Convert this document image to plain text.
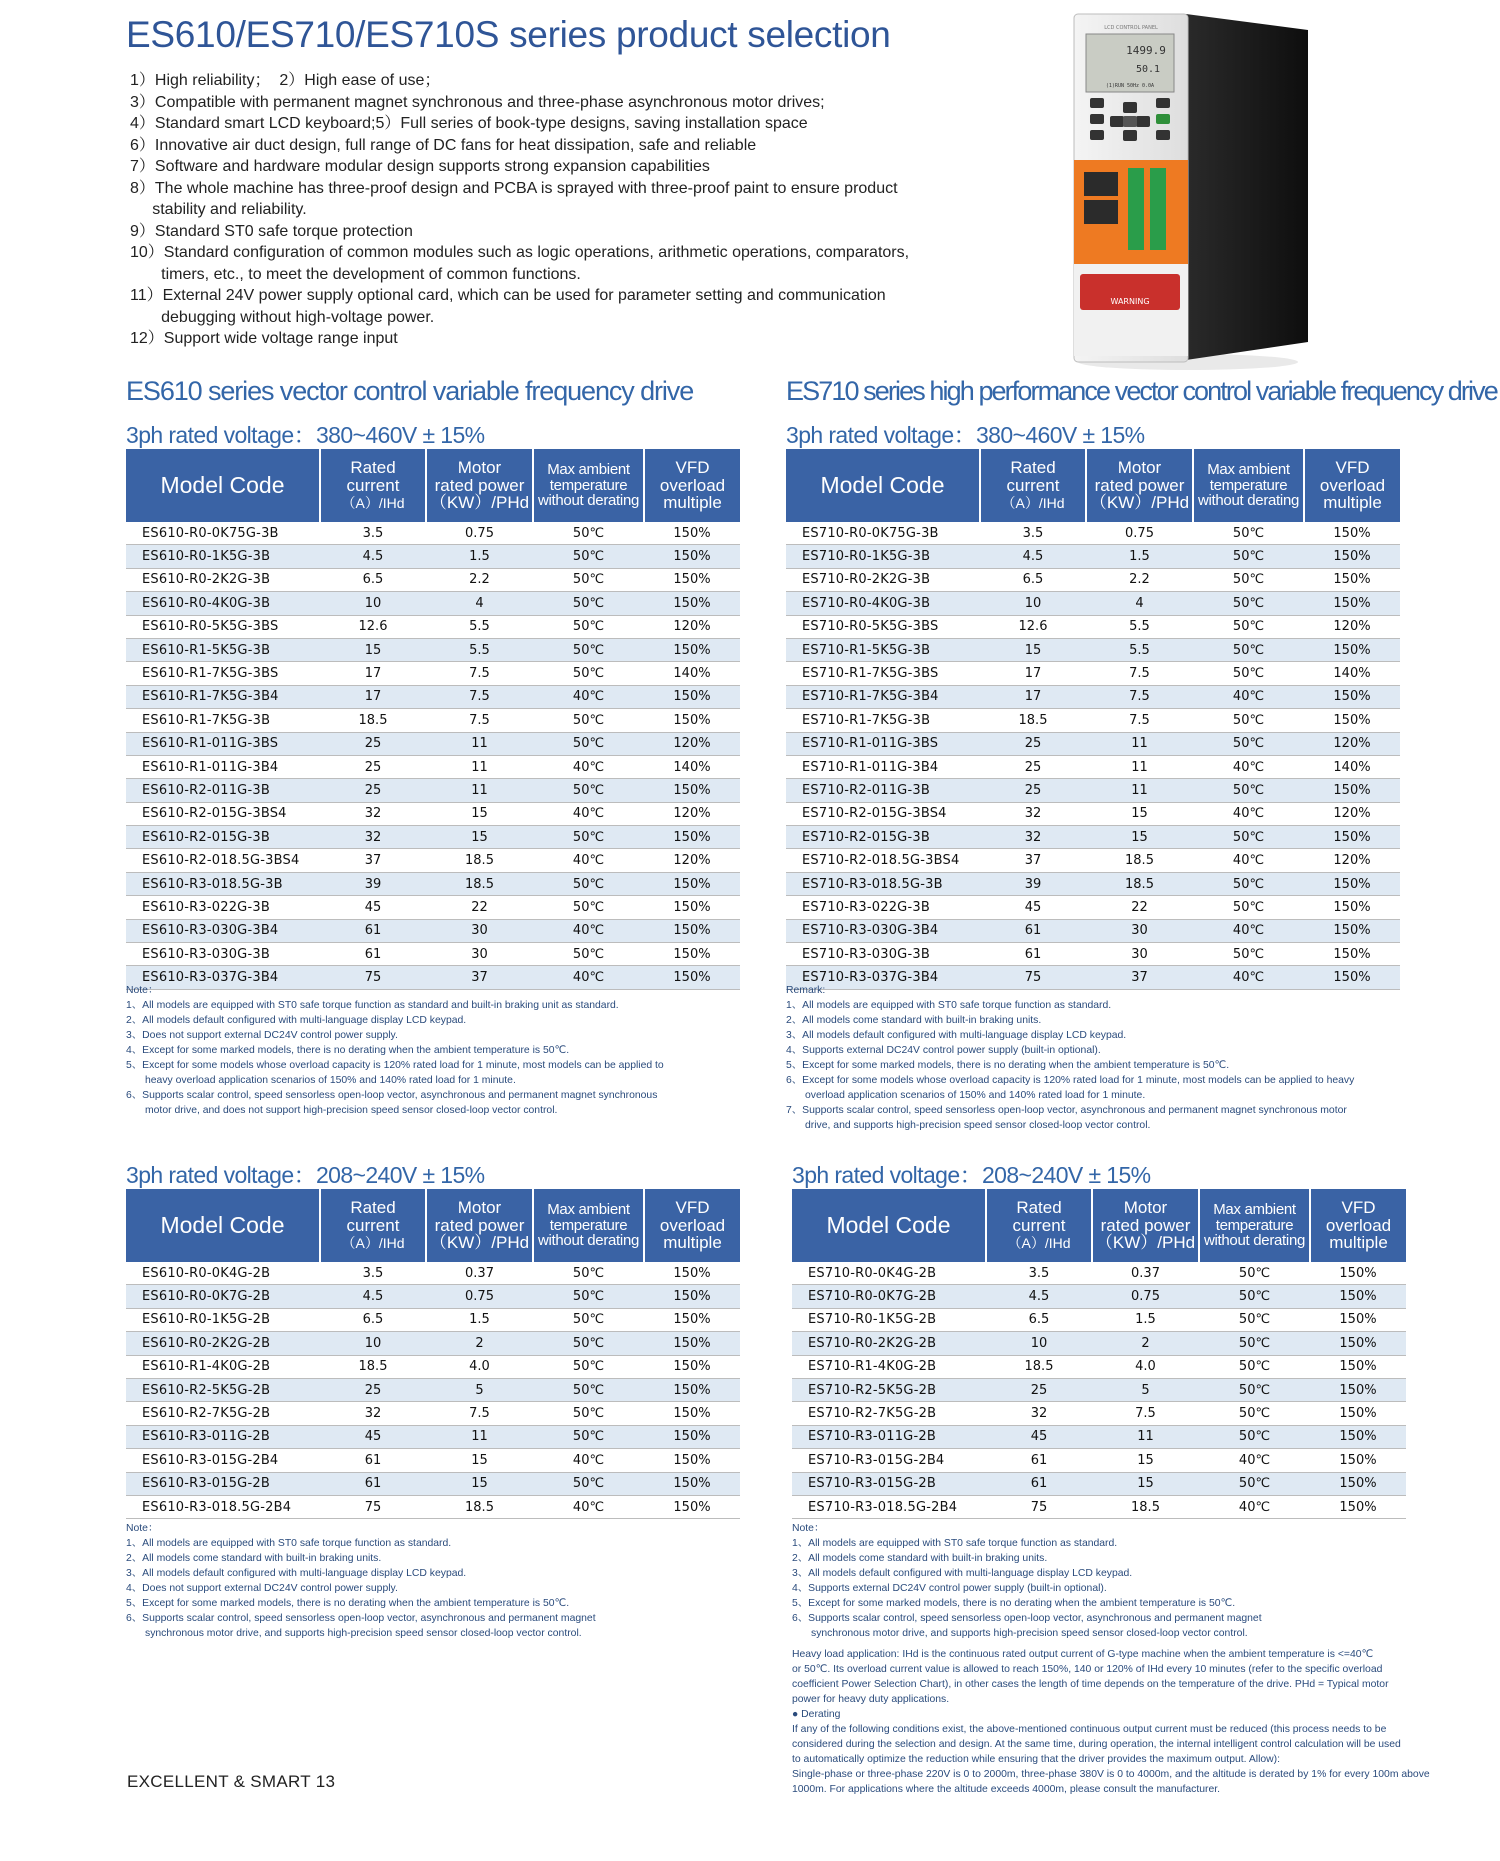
ES610/ES710/ES710S series product selection
1）High reliability；  2）High ease of use；
3）Compatible with permanent magnet synchronous and three-phase asynchronous motor drives;
4）Standard smart LCD keyboard;5）Full series of book-type designs, saving installation space
6）Innovative air duct design, full range of DC fans for heat dissipation, safe and reliable
7）Software and hardware modular design supports strong expansion capabilities
8）The whole machine has three-proof design and PCBA is sprayed with three-proof paint to ensure product
stability and reliability.
9）Standard ST0 safe torque protection
10）Standard configuration of common modules such as logic operations, arithmetic operations, comparators,
timers, etc., to meet the development of common functions.
11）External 24V power supply optional card, which can be used for parameter setting and communication
debugging without high-voltage power.
12）Support wide voltage range input
LCD CONTROL PANEL
1499.9
50.1
(1)RUN 50Hz 0.0A
WARNING
ES610 series vector control variable frequency drive
3ph rated voltage：380~460V ± 15%
Model Code	Rated
current
（A）/IHd	Motor
rated power
（KW）/PHd	Max ambient
temperature
without derating	VFD
overload
multiple
ES610-R0-0K75G-3B	3.5	0.75	50℃	150%
ES610-R0-1K5G-3B	4.5	1.5	50℃	150%
ES610-R0-2K2G-3B	6.5	2.2	50℃	150%
ES610-R0-4K0G-3B	10	4	50℃	150%
ES610-R0-5K5G-3BS	12.6	5.5	50℃	120%
ES610-R1-5K5G-3B	15	5.5	50℃	150%
ES610-R1-7K5G-3BS	17	7.5	50℃	140%
ES610-R1-7K5G-3B4	17	7.5	40℃	150%
ES610-R1-7K5G-3B	18.5	7.5	50℃	150%
ES610-R1-011G-3BS	25	11	50℃	120%
ES610-R1-011G-3B4	25	11	40℃	140%
ES610-R2-011G-3B	25	11	50℃	150%
ES610-R2-015G-3BS4	32	15	40℃	120%
ES610-R2-015G-3B	32	15	50℃	150%
ES610-R2-018.5G-3BS4	37	18.5	40℃	120%
ES610-R3-018.5G-3B	39	18.5	50℃	150%
ES610-R3-022G-3B	45	22	50℃	150%
ES610-R3-030G-3B4	61	30	40℃	150%
ES610-R3-030G-3B	61	30	50℃	150%
ES610-R3-037G-3B4	75	37	40℃	150%
Note：
1、All models are equipped with ST0 safe torque function as standard and built-in braking unit as standard.
2、All models default configured with multi-language display LCD keypad.
3、Does not support external DC24V control power supply.
4、Except for some marked models, there is no derating when the ambient temperature is 50℃.
5、Except for some models whose overload capacity is 120% rated load for 1 minute, most models can be applied to
heavy overload application scenarios of 150% and 140% rated load for 1 minute.
6、Supports scalar control, speed sensorless open-loop vector, asynchronous and permanent magnet synchronous
motor drive, and does not support high-precision speed sensor closed-loop vector control.
ES710 series high performance vector control variable frequency drive
3ph rated voltage：380~460V ± 15%
Model Code	Rated
current
（A）/IHd	Motor
rated power
（KW）/PHd	Max ambient
temperature
without derating	VFD
overload
multiple
ES710-R0-0K75G-3B	3.5	0.75	50℃	150%
ES710-R0-1K5G-3B	4.5	1.5	50℃	150%
ES710-R0-2K2G-3B	6.5	2.2	50℃	150%
ES710-R0-4K0G-3B	10	4	50℃	150%
ES710-R0-5K5G-3BS	12.6	5.5	50℃	120%
ES710-R1-5K5G-3B	15	5.5	50℃	150%
ES710-R1-7K5G-3BS	17	7.5	50℃	140%
ES710-R1-7K5G-3B4	17	7.5	40℃	150%
ES710-R1-7K5G-3B	18.5	7.5	50℃	150%
ES710-R1-011G-3BS	25	11	50℃	120%
ES710-R1-011G-3B4	25	11	40℃	140%
ES710-R2-011G-3B	25	11	50℃	150%
ES710-R2-015G-3BS4	32	15	40℃	120%
ES710-R2-015G-3B	32	15	50℃	150%
ES710-R2-018.5G-3BS4	37	18.5	40℃	120%
ES710-R3-018.5G-3B	39	18.5	50℃	150%
ES710-R3-022G-3B	45	22	50℃	150%
ES710-R3-030G-3B4	61	30	40℃	150%
ES710-R3-030G-3B	61	30	50℃	150%
ES710-R3-037G-3B4	75	37	40℃	150%
Remark:
1、All models are equipped with ST0 safe torque function as standard.
2、All models come standard with built-in braking units.
3、All models default configured with multi-language display LCD keypad.
4、Supports external DC24V control power supply (built-in optional).
5、Except for some marked models, there is no derating when the ambient temperature is 50℃.
6、Except for some models whose overload capacity is 120% rated load for 1 minute, most models can be applied to heavy
overload application scenarios of 150% and 140% rated load for 1 minute.
7、Supports scalar control, speed sensorless open-loop vector, asynchronous and permanent magnet synchronous motor
drive, and supports high-precision speed sensor closed-loop vector control.
3ph rated voltage：208~240V ± 15%
Model Code	Rated
current
（A）/IHd	Motor
rated power
（KW）/PHd	Max ambient
temperature
without derating	VFD
overload
multiple
ES610-R0-0K4G-2B	3.5	0.37	50℃	150%
ES610-R0-0K7G-2B	4.5	0.75	50℃	150%
ES610-R0-1K5G-2B	6.5	1.5	50℃	150%
ES610-R0-2K2G-2B	10	2	50℃	150%
ES610-R1-4K0G-2B	18.5	4.0	50℃	150%
ES610-R2-5K5G-2B	25	5	50℃	150%
ES610-R2-7K5G-2B	32	7.5	50℃	150%
ES610-R3-011G-2B	45	11	50℃	150%
ES610-R3-015G-2B4	61	15	40℃	150%
ES610-R3-015G-2B	61	15	50℃	150%
ES610-R3-018.5G-2B4	75	18.5	40℃	150%
Note：
1、All models are equipped with ST0 safe torque function as standard.
2、All models come standard with built-in braking units.
3、All models default configured with multi-language display LCD keypad.
4、Does not support external DC24V control power supply.
5、Except for some marked models, there is no derating when the ambient temperature is 50℃.
6、Supports scalar control, speed sensorless open-loop vector, asynchronous and permanent magnet
synchronous motor drive, and supports high-precision speed sensor closed-loop vector control.
3ph rated voltage：208~240V ± 15%
Model Code	Rated
current
（A）/IHd	Motor
rated power
（KW）/PHd	Max ambient
temperature
without derating	VFD
overload
multiple
ES710-R0-0K4G-2B	3.5	0.37	50℃	150%
ES710-R0-0K7G-2B	4.5	0.75	50℃	150%
ES710-R0-1K5G-2B	6.5	1.5	50℃	150%
ES710-R0-2K2G-2B	10	2	50℃	150%
ES710-R1-4K0G-2B	18.5	4.0	50℃	150%
ES710-R2-5K5G-2B	25	5	50℃	150%
ES710-R2-7K5G-2B	32	7.5	50℃	150%
ES710-R3-011G-2B	45	11	50℃	150%
ES710-R3-015G-2B4	61	15	40℃	150%
ES710-R3-015G-2B	61	15	50℃	150%
ES710-R3-018.5G-2B4	75	18.5	40℃	150%
Note：
1、All models are equipped with ST0 safe torque function as standard.
2、All models come standard with built-in braking units.
3、All models default configured with multi-language display LCD keypad.
4、Supports external DC24V control power supply (built-in optional).
5、Except for some marked models, there is no derating when the ambient temperature is 50℃.
6、Supports scalar control, speed sensorless open-loop vector, asynchronous and permanent magnet
synchronous motor drive, and supports high-precision speed sensor closed-loop vector control.
Heavy load application: IHd is the continuous rated output current of G-type machine when the ambient temperature is <=40℃
or 50℃. Its overload current value is allowed to reach 150%, 140 or 120% of IHd every 10 minutes (refer to the specific overload
coefficient Power Selection Chart), in other cases the length of time depends on the temperature of the drive. PHd = Typical motor
power for heavy duty applications.
● Derating
If any of the following conditions exist, the above-mentioned continuous output current must be reduced (this process needs to be
considered during the selection and design. At the same time, during operation, the internal intelligent control calculation will be used
to automatically optimize the reduction while ensuring that the driver provides the maximum output. Allow):
Single-phase or three-phase 220V is 0 to 2000m, three-phase 380V is 0 to 4000m, and the altitude is derated by 1% for every 100m above
1000m. For applications where the altitude exceeds 4000m, please consult the manufacturer.
EXCELLENT & SMART 13
